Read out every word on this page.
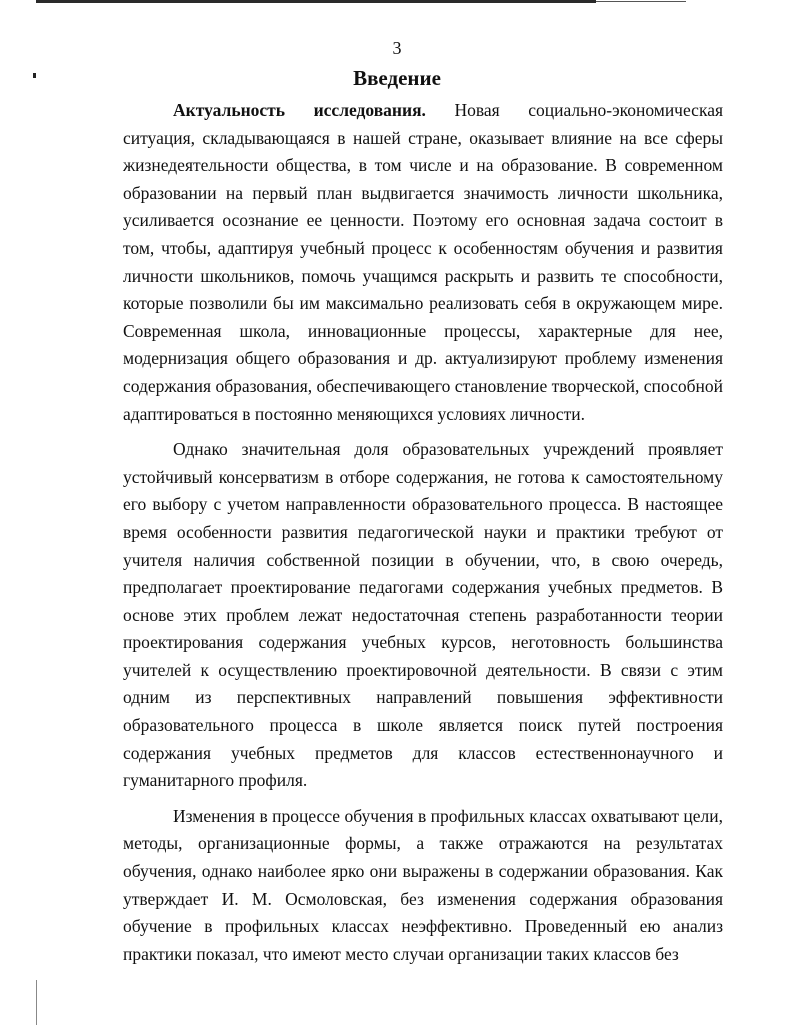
3
Введение

Актуальность исследования. Новая социально-экономическая ситуация, складывающаяся в нашей стране, оказывает влияние на все сферы жизнедеятельности общества, в том числе и на образование. В современном образовании на первый план выдвигается значимость личности школьника, усиливается осознание ее ценности. Поэтому его основная задача состоит в том, чтобы, адаптируя учебный процесс к особенностям обучения и развития личности школьников, помочь учащимся раскрыть и развить те способности, которые позволили бы им максимально реализовать себя в окружающем мире. Современная школа, инновационные процессы, характерные для нее, модернизация общего образования и др. актуализируют проблему изменения содержания образования, обеспечивающего становление творческой, способной адаптироваться в постоянно меняющихся условиях личности.

Однако значительная доля образовательных учреждений проявляет устойчивый консерватизм в отборе содержания, не готова к самостоятельному его выбору с учетом направленности образовательного процесса. В настоящее время особенности развития педагогической науки и практики требуют от учителя наличия собственной позиции в обучении, что, в свою очередь, предполагает проектирование педагогами содержания учебных предметов. В основе этих проблем лежат недостаточная степень разработанности теории проектирования содержания учебных курсов, неготовность большинства учителей к осуществлению проектировочной деятельности. В связи с этим одним из перспективных направлений повышения эффективности образовательного процесса в школе является поиск путей построения содержания учебных предметов для классов естественнонаучного и гуманитарного профиля.

Изменения в процессе обучения в профильных классах охватывают цели, методы, организационные формы, а также отражаются на результатах обучения, однако наиболее ярко они выражены в содержании образования. Как утверждает И. М. Осмоловская, без изменения содержания образования обучение в профильных классах неэффективно. Проведенный ею анализ практики показал, что имеют место случаи организации таких классов без
